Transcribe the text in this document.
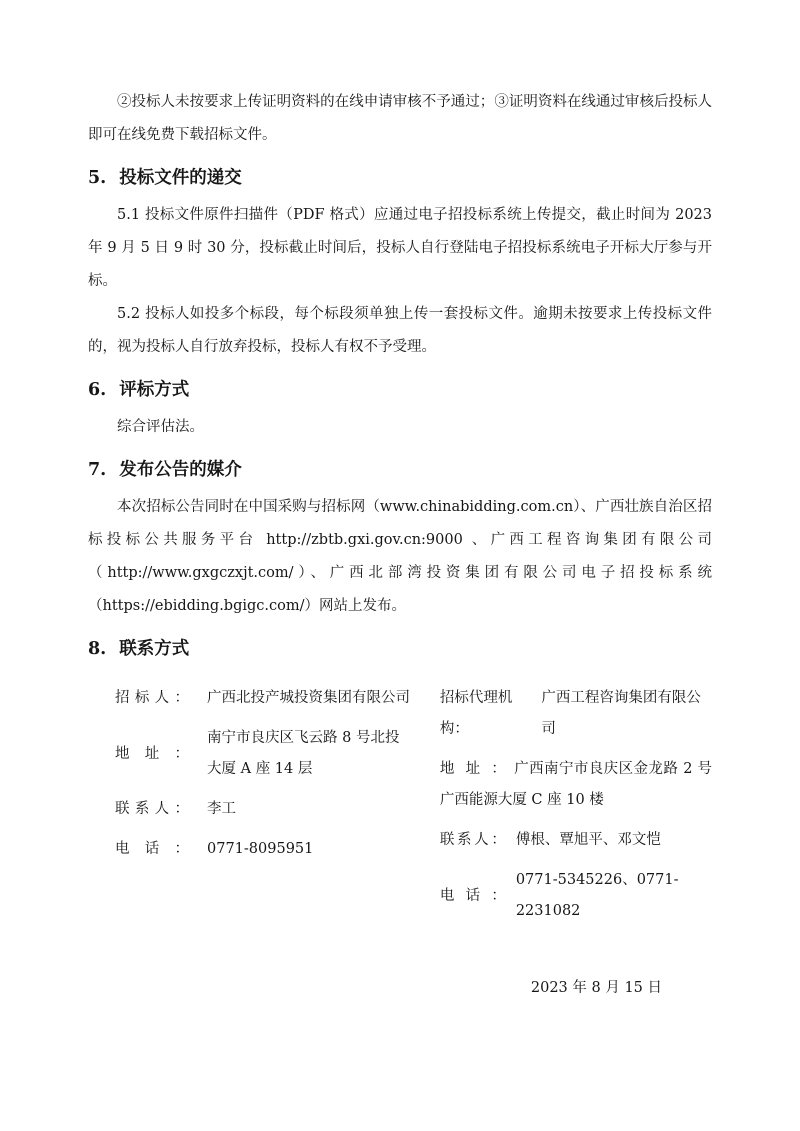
②投标人未按要求上传证明资料的在线申请审核不予通过；③证明资料在线通过审核后投标人即可在线免费下载招标文件。

5. 投标文件的递交

5.1 投标文件原件扫描件（PDF 格式）应通过电子招投标系统上传提交，截止时间为 2023 年 9 月 5 日 9 时 30 分，投标截止时间后，投标人自行登陆电子招投标系统电子开标大厅参与开标。

5.2 投标人如投多个标段，每个标段须单独上传一套投标文件。逾期未按要求上传投标文件的，视为投标人自行放弃投标，投标人有权不予受理。

6. 评标方式

综合评估法。

7. 发布公告的媒介

本次招标公告同时在中国采购与招标网（www.chinabidding.com.cn）、广西壮族自治区招标投标公共服务平台 http://zbtb.gxi.gov.cn:9000 、广西工程咨询集团有限公司（http://www.gxgczxjt.com/）、广西北部湾投资集团有限公司电子招投标系统（https://ebidding.bgigc.com/）网站上发布。

8. 联系方式
招标人： 广西北投产城投资集团有限公司
地址：
南宁市良庆区飞云路 8 号北投大厦 A 座 14 层
联系人： 李工
电话： 0771-8095951
招标代理机构：
广西工程咨询集团有限公司

地址： 广西南宁市良庆区金龙路 2 号广西能源大厦 C 座 10 楼

联系人： 傅根、覃旭平、邓文恺
电话：
0771-5345226、0771-2231082
2023 年 8 月 15 日
